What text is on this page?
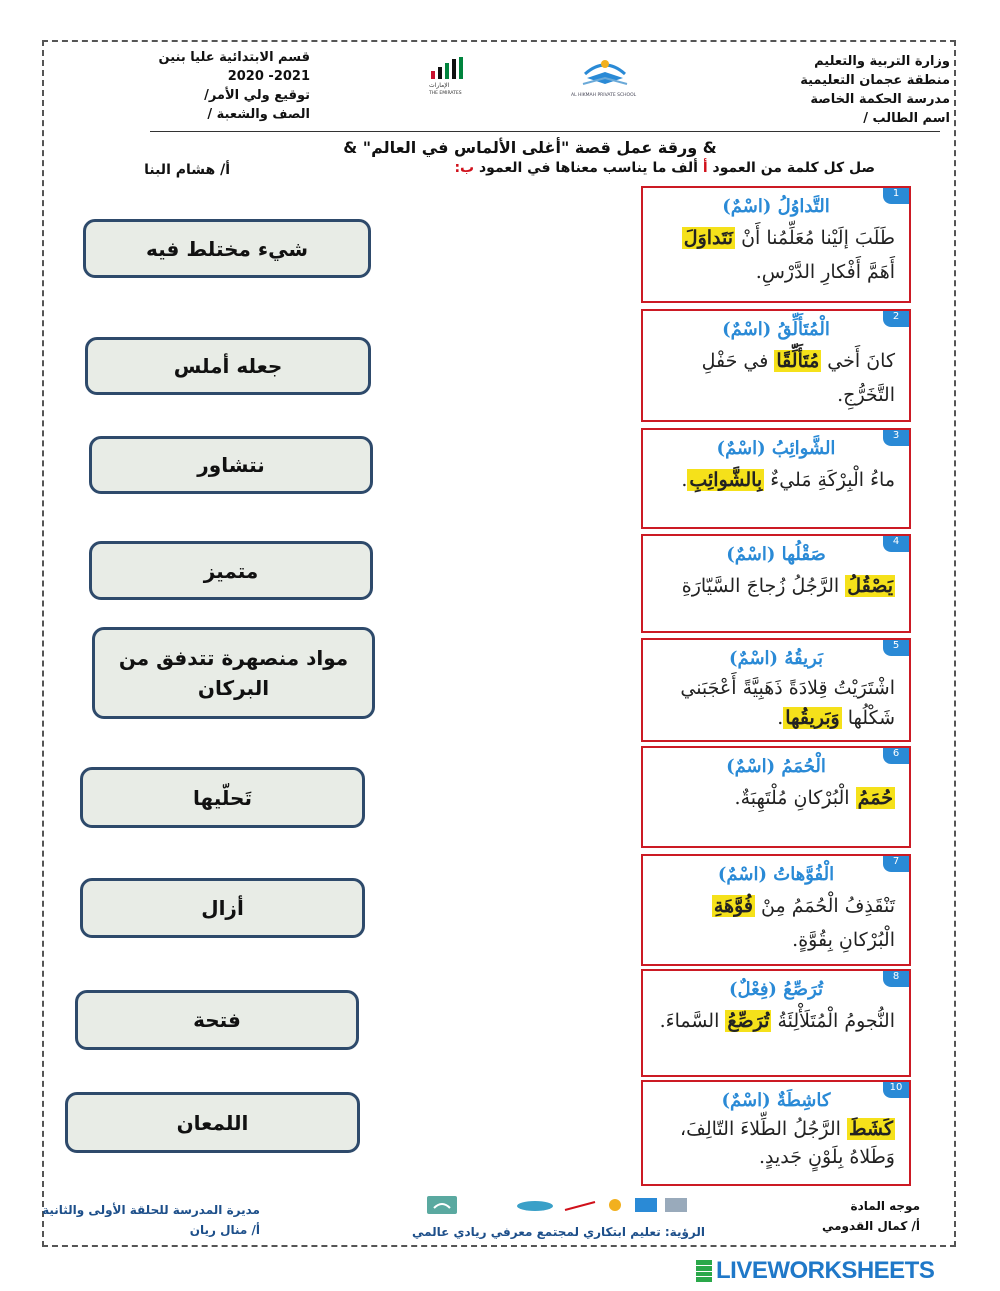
وزارة التربية والتعليم
منطقة عجمان التعليمية
مدرسة الحكمة الخاصة
اسم الطالب /
قسم الابتدائية عليا بنين
2021- 2020
توقيع ولي الأمر/
الصف والشعبة /
الإمارات
THE EMIRATES	AL HIKMAH PRIVATE SCHOOL
& ورقة عمل قصة "أغلى الألماس في العالم" &
صل كل كلمة من العمود أ ألف ما يناسب معناها في العمود ب:
أ/ هشام البنا
شيء مختلط فيه
جعله أملس
نتشاور
متميز
مواد منصهرة تتدفق من البركان
تَحلّيها
أزال
فتحة
اللمعان
1
التَّداوُلُ (اسْمٌ)
طَلَبَ إلَيْنا مُعَلِّمُنا أَنْ نَتَداوَلَ أَهَمَّ أَفْكارِ الدَّرْسِ.
2
الْمُتَأَلِّقُ (اسْمٌ)
كانَ أَخي مُتَأَلِّقًا في حَفْلِ التَّخَرُّجِ.
3
الشَّوائِبُ (اسْمٌ)
ماءُ الْبِرْكَةِ مَليءٌ بِالشَّوائِبِ.
4
صَقْلُها (اسْمٌ)
يَصْقُلُ الرَّجُلُ زُجاجَ السَّيّارَةِ
5
بَريقُهُ (اسْمٌ)
اشْتَرَيْتُ قِلادَةً ذَهَبِيَّةً أَعْجَبَني شَكْلُها وَبَريقُها.
6
الْحُمَمُ (اسْمٌ)
حُمَمُ الْبُرْكانِ مُلْتَهِبَةٌ.
7
الْفُوَّهاتُ (اسْمٌ)
تَنْقَذِفُ الْحُمَمُ مِنْ فُوَّهَةِ الْبُرْكانِ بِقُوَّةٍ.
8
تُرَصِّعُ (فِعْلٌ)
النُّجومُ الْمُتَلَأْلِئَةُ تُرَصِّعُ السَّماءَ.
10
كاشِطَةٌ (اسْمٌ)
كَشَطَ الرَّجُلُ الطِّلاءَ التّالِفَ، وَطَلاهُ بِلَوْنٍ جَديدٍ.
موجه المادة
أ/ كمال القدومي
مديرة المدرسة للحلقة الأولى والثانية
أ/ منال ريان	الرؤية: تعليم ابتكاري لمجتمع معرفي ريادي عالمي
LIVEWORKSHEETS
